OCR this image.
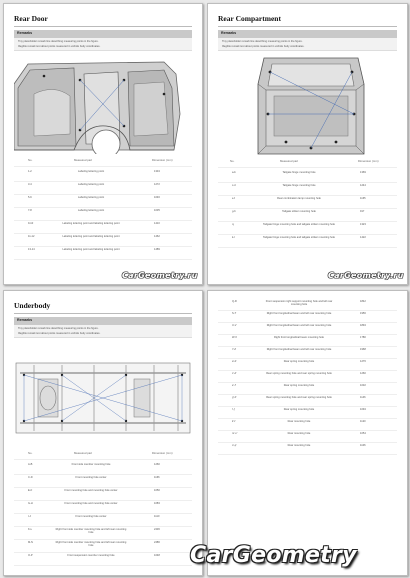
Rear Door
Remarks
Tiny placeholder remark line describing measuring points in the figure.
Illegible remark text about points measured in vehicle body coordinates.
No.	Measured part	Dimension (mm)
1-2	Labeling lettering point	1334
3-4	Labeling lettering point	1272
5-6	Labeling lettering point	1046
7-8	Labeling lettering point	1035
9-10	Labeling lettering point and labeling lettering point	1410
11-12	Labeling lettering point and labeling lettering point	1462
13-14	Labeling lettering point and labeling lettering point	1489
CarGeometry.ru
Rear Compartment
Remarks
Tiny placeholder remark line describing measuring points in the figure.
Illegible remark text about points measured in vehicle body coordinates.
No.	Measured part	Dimension (mm)
a-b	Tailgate hinge mounting hole	1369
c-d	Tailgate hinge mounting hole	1244
e-f	Rear combination lamp mounting hole	1165
g-h	Tailgate striker mounting hole	917
i-j	Tailgate hinge mounting hole and tailgate striker mounting hole	1323
k-l	Tailgate hinge mounting hole and tailgate striker mounting hole	1422
CarGeometry.ru
Underbody
Remarks
Tiny placeholder remark line describing measuring points in the figure.
Illegible remark text about points measured in vehicle body coordinates.
No.	Measured part	Dimension (mm)
A-B	Front side member mounting hole	1260
C-D	Front mounting hole center	1166
E-F	Front mounting hole and mounting hole center	1050
G-H	Front mounting hole and mounting hole center	1083
I-J	Front mounting hole center	1110
K-L	Right front side member mounting hole and left rear mounting hole
2436
M-N	Right front side member mounting hole and left rear mounting hole
2486
O-P	Front suspension member mounting hole	1048
Q-R	Front suspension right support mounting hole and left rear mounting hole
1842
S-T	Right front longitudinal beam and left rear mounting hole	1956
U-V	Right front longitudinal beam and left rear mounting hole	1894
W-X	Right front longitudinal beam mounting hole	1780
Y-Z	Right front longitudinal beam and left rear mounting hole	1968
a'-b'	Rear spring mounting hole	1276
c'-d'	Rear spring mounting hole and rear spring mounting hole	1260
e'-f'	Rear spring mounting hole	1032
g'-h'	Rear spring mounting hole and rear spring mounting hole	1146
i'-j'	Rear spring mounting hole	1094
k'-l'	Rear mounting hole	1120
m'-n'	Rear mounting hole	1054
o'-p'	Rear mounting hole	1106
CarGeometry
